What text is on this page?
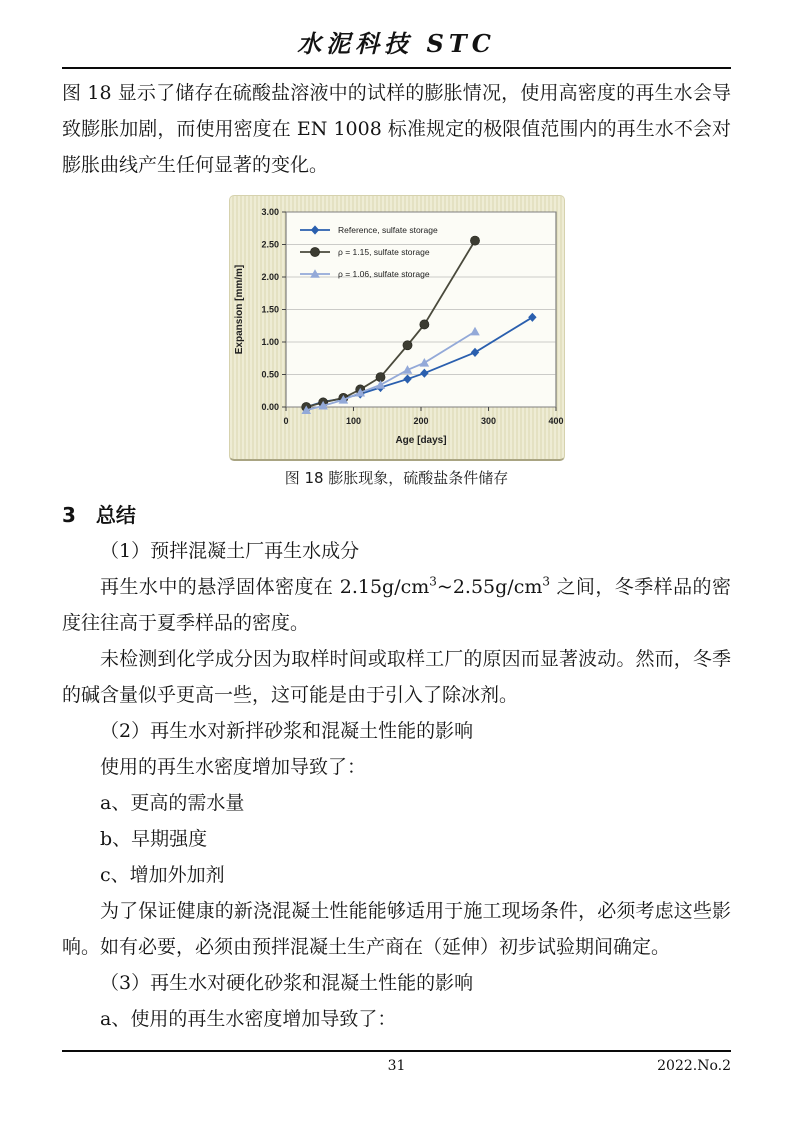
水泥科技 STC

图 18 显示了储存在硫酸盐溶液中的试样的膨胀情况，使用高密度的再生水会导致膨胀加剧，而使用密度在 EN 1008 标准规定的极限值范围内的再生水不会对膨胀曲线产生任何显著的变化。

0.00
0.50
1.00
1.50
2.00
2.50
3.00
0	100	200	300	400
Age [days]
Expansion [mm/m]
Reference, sulfate storage
ρ = 1.15, sulfate storage
ρ = 1.06, sulfate storage
图 18 膨胀现象，硫酸盐条件储存
3 总结

（1）预拌混凝土厂再生水成分

再生水中的悬浮固体密度在 $2.15g/cm^3\sim 2.55g/cm^3$ 之间，冬季样品的密度往往高于夏季样品的密度。

未检测到化学成分因为取样时间或取样工厂的原因而显著波动。然而，冬季的碱含量似乎更高一些，这可能是由于引入了除冰剂。

（2）再生水对新拌砂浆和混凝土性能的影响

使用的再生水密度增加导致了：

a、更高的需水量

b、早期强度

c、增加外加剂

为了保证健康的新浇混凝土性能能够适用于施工现场条件，必须考虑这些影响。如有必要，必须由预拌混凝土生产商在（延伸）初步试验期间确定。

（3）再生水对硬化砂浆和混凝土性能的影响

a、使用的再生水密度增加导致了：

31	2022.No.2
